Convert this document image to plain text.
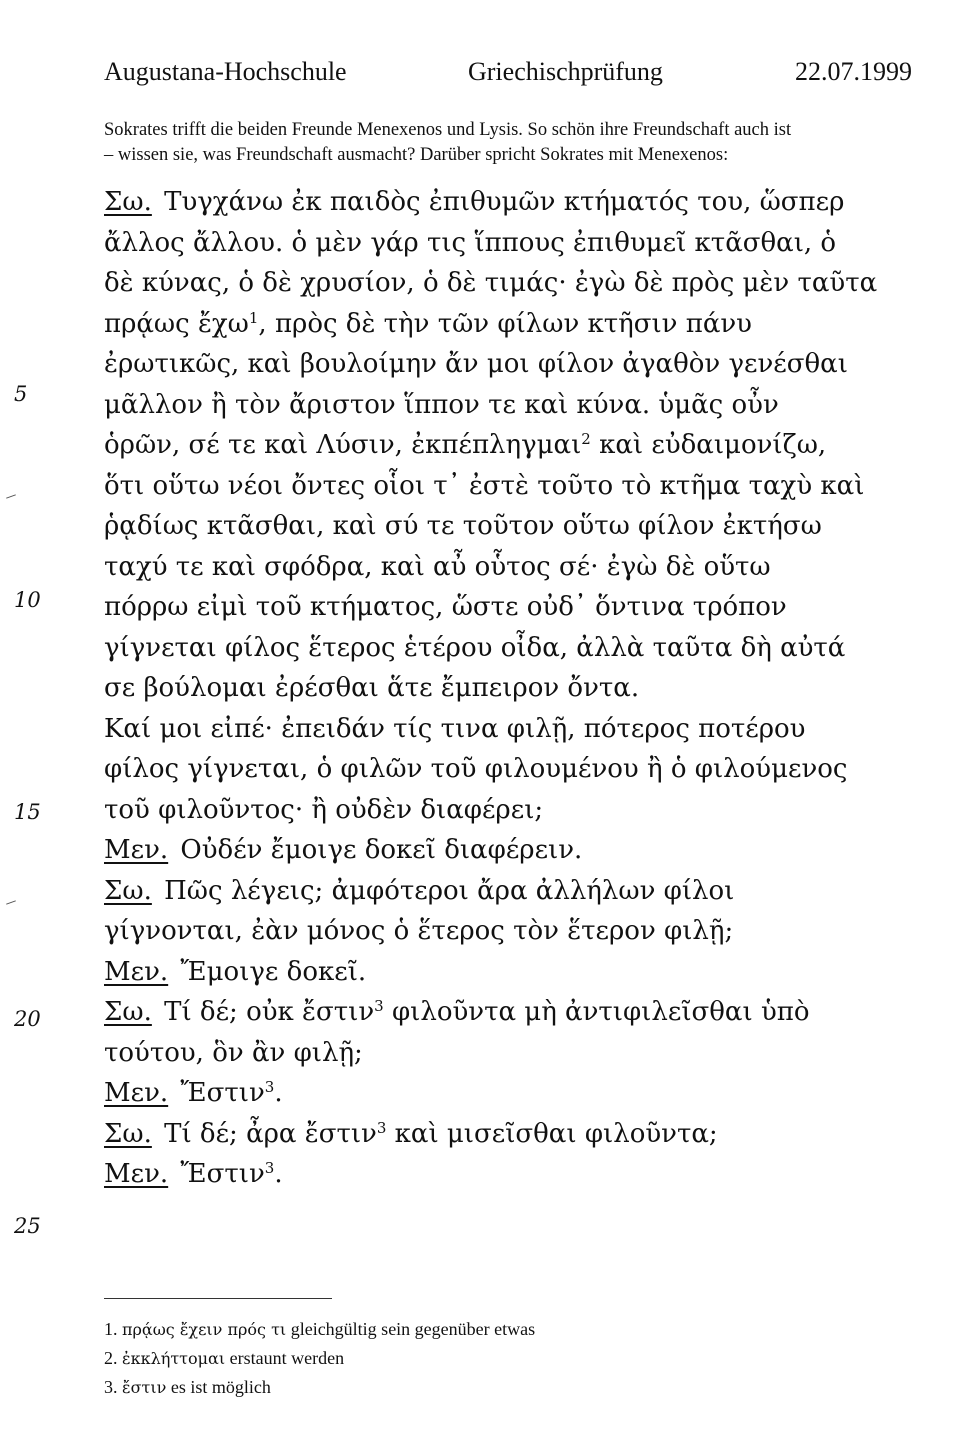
Augustana-Hochschule	Griechischprüfung	22.07.1999
Sokrates trifft die beiden Freunde Menexenos und Lysis. So schön ihre Freundschaft auch ist
– wissen sie, was Freundschaft ausmacht? Darüber spricht Sokrates mit Menexenos:
Σω. Τυγχάνω ἐκ παιδὸς ἐπιθυμῶν κτήματός του, ὥσπερ
ἄλλος ἄλλου. ὁ μὲν γάρ τις ἵππους ἐπιθυμεῖ κτᾶσθαι, ὁ
δὲ κύνας, ὁ δὲ χρυσίον, ὁ δὲ τιμάς· ἐγὼ δὲ πρὸς μὲν ταῦτα
πρᾴως ἔχω$^1$, πρὸς δὲ τὴν τῶν φίλων κτῆσιν πάνυ
ἐρωτικῶς, καὶ βουλοίμην ἄν μοι φίλον ἀγαθὸν γενέσθαι
μᾶλλον ἢ τὸν ἄριστον ἵππον τε καὶ κύνα. ὑμᾶς οὖν
ὁρῶν, σέ τε καὶ Λύσιν, ἐκπέπληγμαι$^2$ καὶ εὐδαιμονίζω,
ὅτι οὕτω νέοι ὄντες οἷοι τ᾽ ἐστὲ τοῦτο τὸ κτῆμα ταχὺ καὶ
ῥᾳδίως κτᾶσθαι, καὶ σύ τε τοῦτον οὕτω φίλον ἐκτήσω
ταχύ τε καὶ σφόδρα, καὶ αὖ οὗτος σέ· ἐγὼ δὲ οὕτω
πόρρω εἰμὶ τοῦ κτήματος, ὥστε οὐδ᾽ ὅντινα τρόπον
γίγνεται φίλος ἕτερος ἑτέρου οἶδα, ἀλλὰ ταῦτα δὴ αὐτά
σε βούλομαι ἐρέσθαι ἅτε ἔμπειρον ὄντα.
Καί μοι εἰπέ· ἐπειδάν τίς τινα φιλῇ, πότερος ποτέρου
φίλος γίγνεται, ὁ φιλῶν τοῦ φιλουμένου ἢ ὁ φιλούμενος
τοῦ φιλοῦντος· ἢ οὐδὲν διαφέρει;
Μεν. Οὐδέν ἔμοιγε δοκεῖ διαφέρειν.
Σω. Πῶς λέγεις; ἀμφότεροι ἄρα ἀλλήλων φίλοι
γίγνονται, ἐὰν μόνος ὁ ἕτερος τὸν ἕτερον φιλῇ;
Μεν. Ἔμοιγε δοκεῖ.
Σω. Τί δέ; οὐκ ἔστιν$^3$ φιλοῦντα μὴ ἀντιφιλεῖσθαι ὑπὸ
τούτου, ὃν ἂν φιλῇ;
Μεν. Ἔστιν$^3$.
Σω. Τί δέ; ἆρα ἔστιν$^3$ καὶ μισεῖσθαι φιλοῦντα;
Μεν. Ἔστιν$^3$.
5
10
15
20
25
1. πρᾴως ἔχειν πρός τι gleichgültig sein gegenüber etwas
2. ἐκκλήττομαι erstaunt werden
3. ἔστιν es ist möglich
